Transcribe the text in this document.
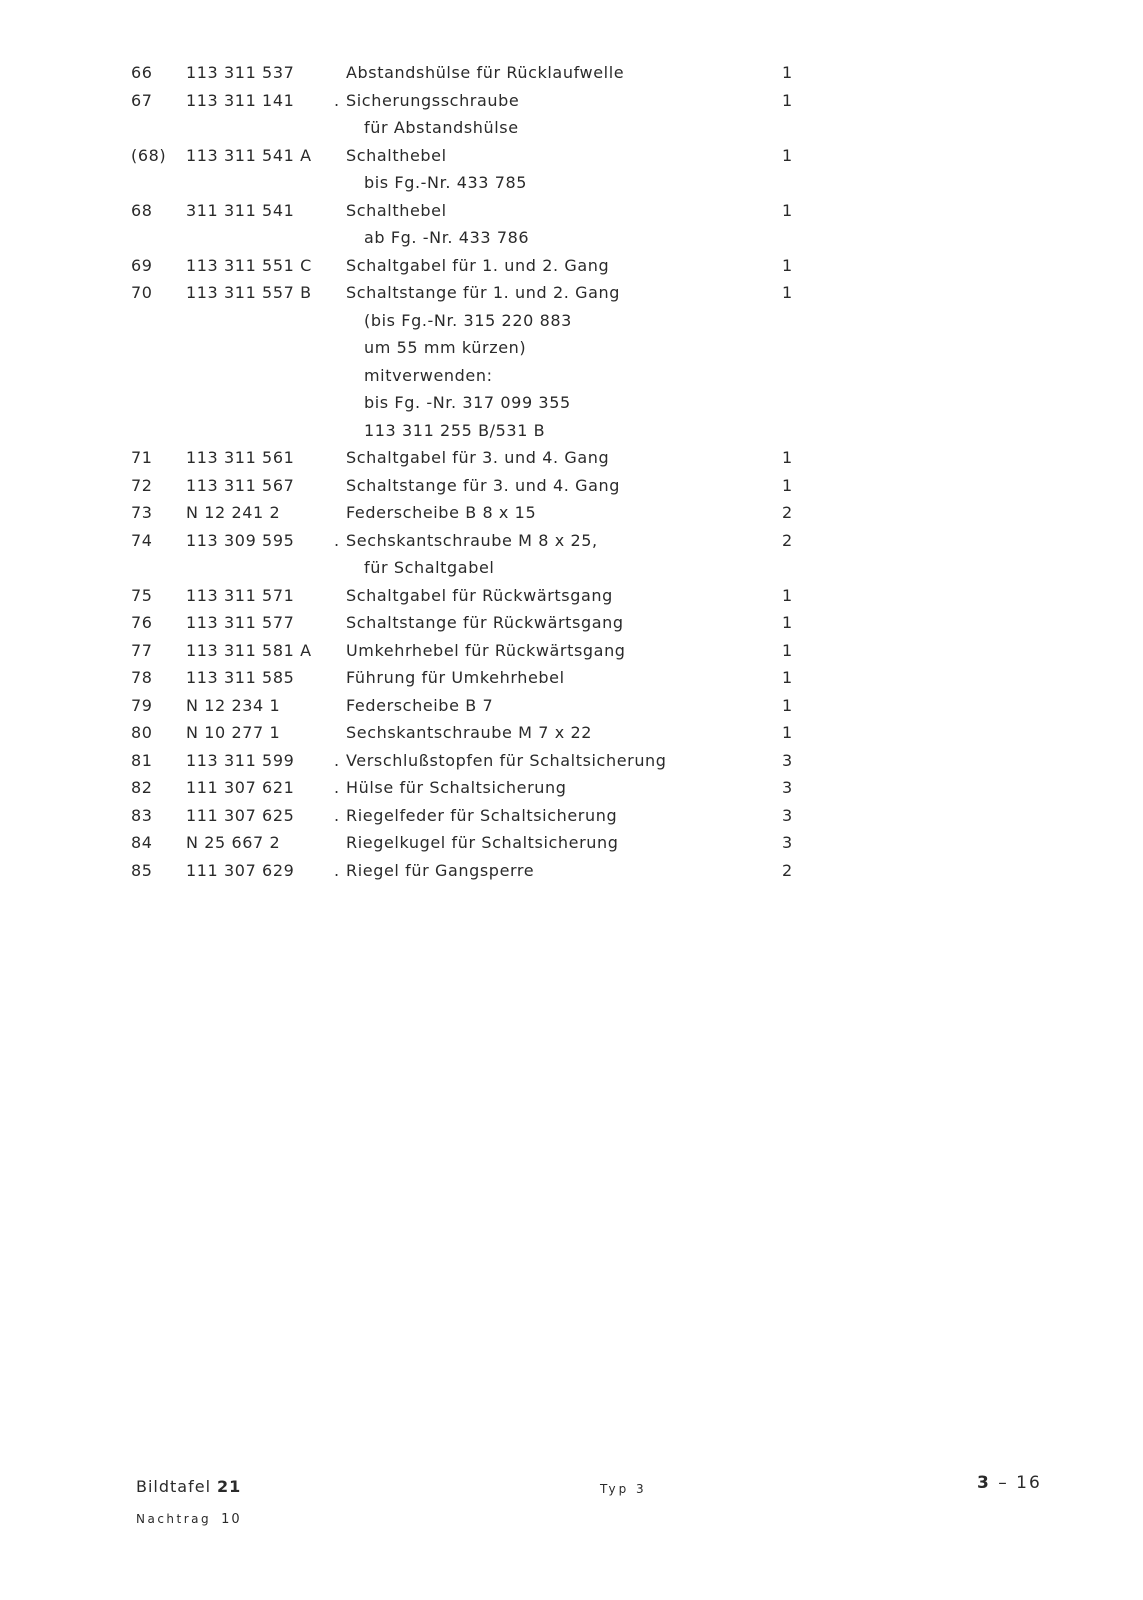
66 113 311 537	Abstandshülse für Rücklaufwelle	1
67 113 311 141 . Sicherungsschraube	1
für Abstandshülse
(68) 113 311 541 A	Schalthebel	1
bis Fg.-Nr. 433 785
68 311 311 541	Schalthebel	1
ab Fg. -Nr. 433 786
69 113 311 551 C	Schaltgabel für 1. und 2. Gang	1
70 113 311 557 B	Schaltstange für 1. und 2. Gang	1
(bis Fg.-Nr. 315 220 883
um 55 mm kürzen)
mitverwenden:
bis Fg. -Nr. 317 099 355
113 311 255 B/531 B
71 113 311 561	Schaltgabel für 3. und 4. Gang	1
72 113 311 567	Schaltstange für 3. und 4. Gang	1
73 N 12 241 2	Federscheibe B 8 x 15	2
74 113 309 595 . Sechskantschraube M 8 x 25,	2
für Schaltgabel
75 113 311 571	Schaltgabel für Rückwärtsgang	1
76 113 311 577	Schaltstange für Rückwärtsgang	1
77 113 311 581 A	Umkehrhebel für Rückwärtsgang	1
78 113 311 585	Führung für Umkehrhebel	1
79 N 12 234 1	Federscheibe B 7	1
80 N 10 277 1	Sechskantschraube M 7 x 22	1
81 113 311 599 . Verschlußstopfen für Schaltsicherung	3
82 111 307 621 . Hülse für Schaltsicherung	3
83 111 307 625 . Riegelfeder für Schaltsicherung	3
84 N 25 667 2	Riegelkugel für Schaltsicherung	3
85 111 307 629 . Riegel für Gangsperre	2
Bildtafel 21
Nachtrag 10
Typ 3	3 – 16
